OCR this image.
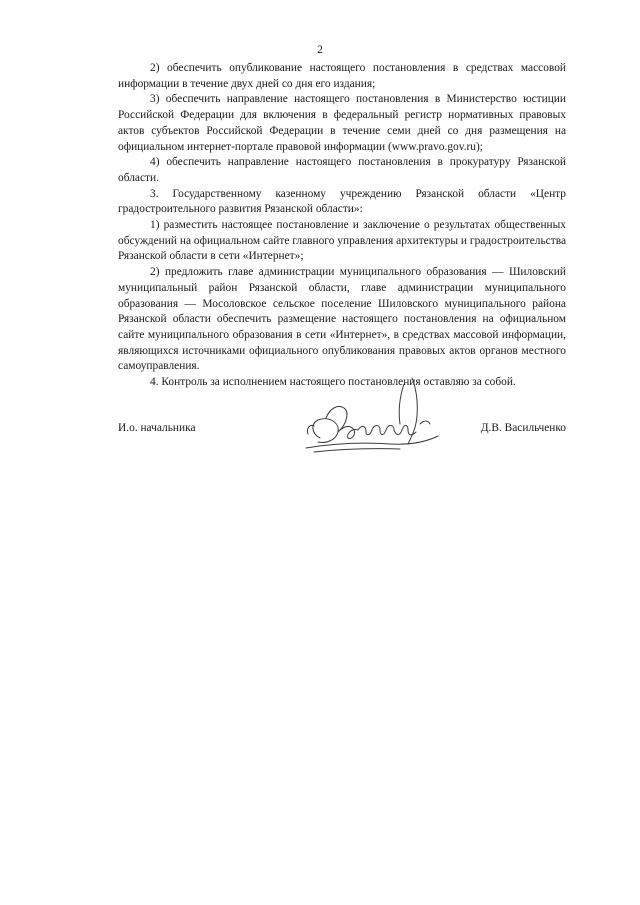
2

2) обеспечить опубликование настоящего постановления в средствах массовой информации в течение двух дней со дня его издания;

3) обеспечить направление настоящего постановления в Министерство юстиции Российской Федерации для включения в федеральный регистр нормативных правовых актов субъектов Российской Федерации в течение семи дней со дня размещения на официальном интернет-портале правовой информации (www.pravo.gov.ru);

4) обеспечить направление настоящего постановления в прокуратуру Рязанской области.

3. Государственному казенному учреждению Рязанской области «Центр градостроительного развития Рязанской области»:

1) разместить настоящее постановление и заключение о результатах общественных обсуждений на официальном сайте главного управления архитектуры и градостроительства Рязанской области в сети «Интернет»;

2) предложить главе администрации муниципального образования — Шиловский муниципальный район Рязанской области, главе администрации муниципального образования — Мосоловское сельское поселение Шиловского муниципального района Рязанской области обеспечить размещение настоящего постановления на официальном сайте муниципального образования в сети «Интернет», в средствах массовой информации, являющихся источниками официального опубликования правовых актов органов местного самоуправления.

4. Контроль за исполнением настоящего постановления оставляю за собой.

И.о. начальника	Д.В. Васильченко
